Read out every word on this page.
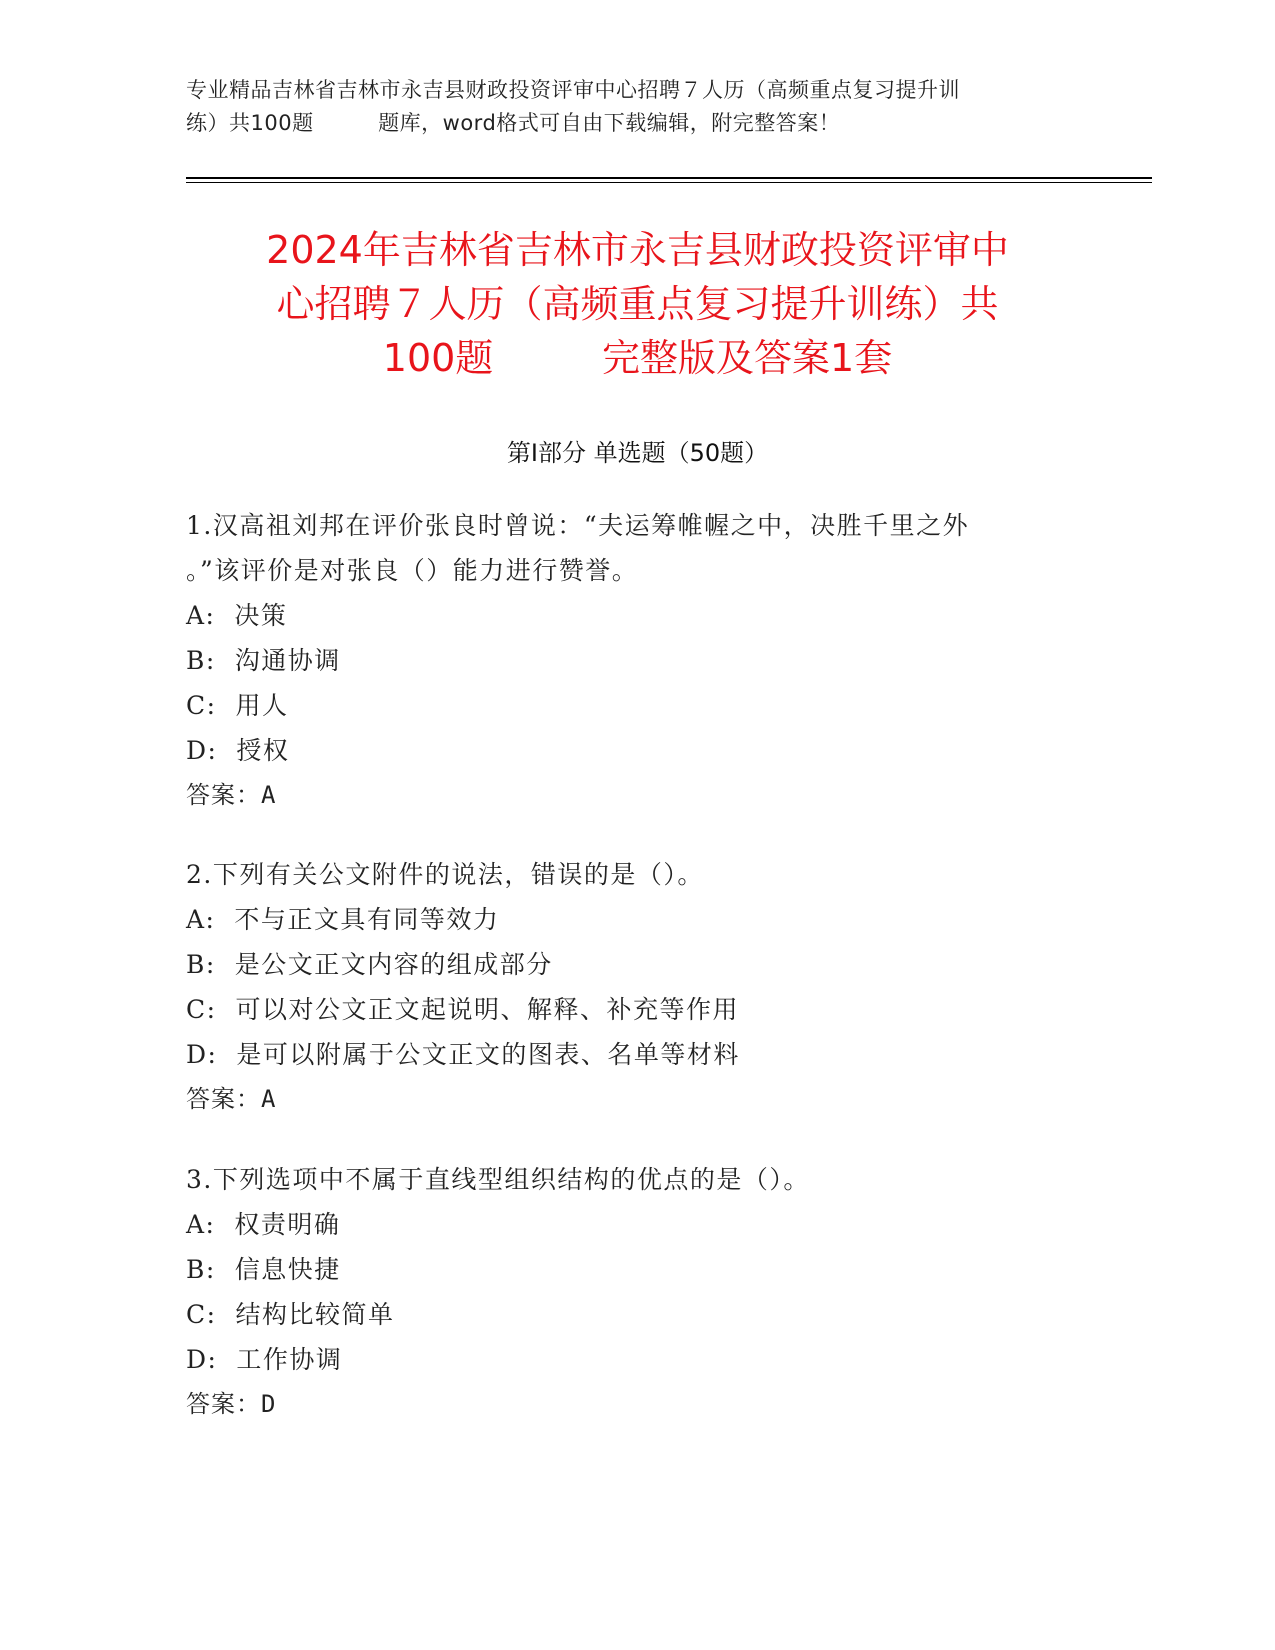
专业精品吉林省吉林市永吉县财政投资评审中心招聘７人历（高频重点复习提升训
练）共100题         题库，word格式可自由下载编辑，附完整答案！
2024年吉林省吉林市永吉县财政投资评审中
心招聘７人历（高频重点复习提升训练）共
100题         完整版及答案1套
第Ⅰ部分 单选题（50题）
1.汉高祖刘邦在评价张良时曾说：“夫运筹帷幄之中，决胜千里之外
。”该评价是对张良（）能力进行赞誉。
A:  决策
B:  沟通协调
C:  用人
D:  授权
答案：A
2.下列有关公文附件的说法，错误的是（）。
A:  不与正文具有同等效力
B:  是公文正文内容的组成部分
C:  可以对公文正文起说明、解释、补充等作用
D:  是可以附属于公文正文的图表、名单等材料
答案：A
3.下列选项中不属于直线型组织结构的优点的是（）。
A:  权责明确
B:  信息快捷
C:  结构比较简单
D:  工作协调
答案：D
